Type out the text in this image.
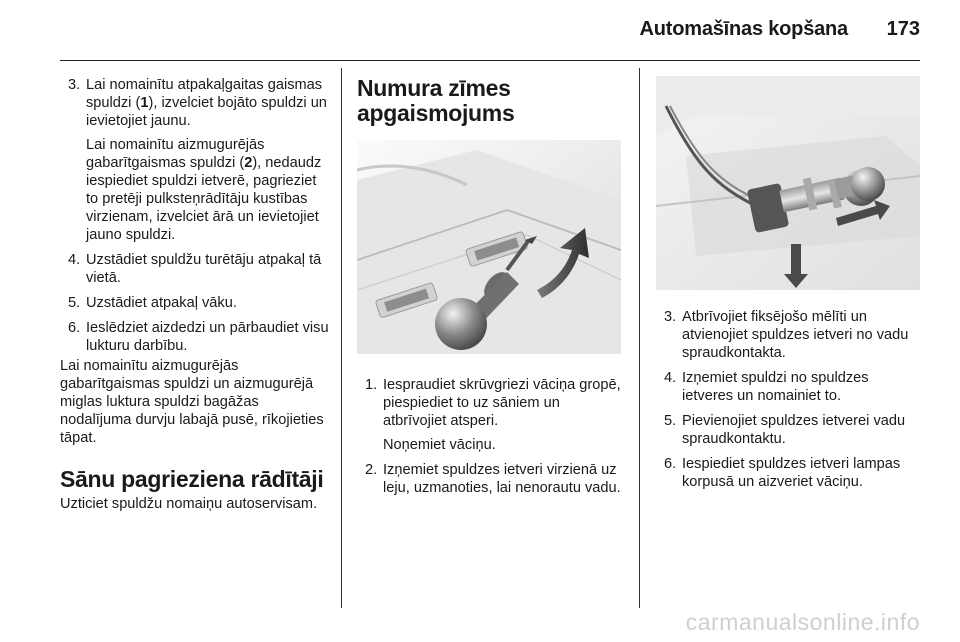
Automašīnas kopšana 173
3. Lai nomainītu atpakaļgaitas gaismas spuldzi (1), izvelciet bojāto spuldzi un ievietojiet jaunu.

Lai nomainītu aizmugurējās gabarītgaismas spuldzi (2), nedaudz iespiediet spuldzi ietverē, pagrieziet to pretēji pulksteņrādītāju kustības virzienam, izvelciet ārā un ievietojiet jauno spuldzi.

4. Uzstādiet spuldžu turētāju atpakaļ tā vietā.

5. Uzstādiet atpakaļ vāku.

6. Ieslēdziet aizdedzi un pārbaudiet visu lukturu darbību.

Lai nomainītu aizmugurējās gabarītgaismas spuldzi un aizmugurējā miglas luktura spuldzi bagāžas nodalījuma durvju labajā pusē, rīkojieties tāpat.

Sānu pagrieziena rādītāji

Uzticiet spuldžu nomaiņu autoservisam.

Numura zīmes apgaismojums
1. Iespraudiet skrūvgriezi vāciņa gropē, piespiediet to uz sāniem un atbrīvojiet atsperi.

Noņemiet vāciņu.

2. Izņemiet spuldzes ietveri virzienā uz leju, uzmanoties, lai nenorautu vadu.

3. Atbrīvojiet fiksējošo mēlīti un atvienojiet spuldzes ietveri no vadu spraudkontakta.

4. Izņemiet spuldzi no spuldzes ietveres un nomainiet to.

5. Pievienojiet spuldzes ietverei vadu spraudkontaktu.

6. Iespiediet spuldzes ietveri lampas korpusā un aizveriet vāciņu.

carmanualsonline.info
